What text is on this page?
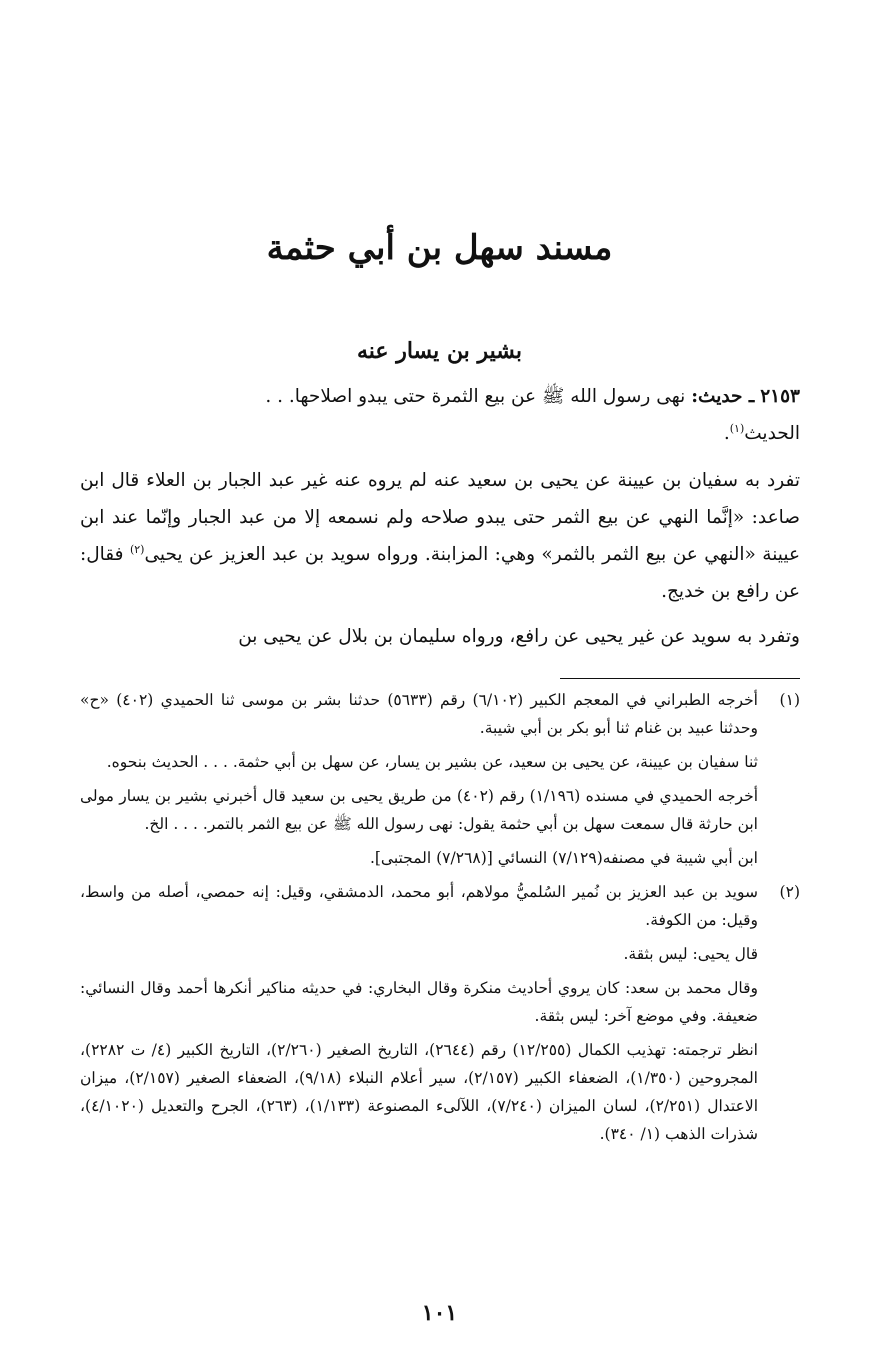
مسند سهل بن أبي حثمة
بشير بن يسار عنه

٢١٥٣ ـ حديث: نهى رسول الله ﷺ عن بيع الثمرة حتى يبدو اصلاحها. . .

الحديث$^{(١)}$.

تفرد به سفيان بن عيينة عن يحيى بن سعيد عنه لم يروه عنه غير عبد الجبار بن العلاء قال ابن صاعد: «إنَّما النهي عن بيع الثمر حتى يبدو صلاحه ولم نسمعه إلا من عبد الجبار وإنّما عند ابن عيينة «النهي عن بيع الثمر بالثمر» وهي: المزابنة. ورواه سويد بن عبد العزيز عن يحيى$^{(٢)}$ فقال: عن رافع بن خديج.

وتفرد به سويد عن غير يحيى عن رافع، ورواه سليمان بن بلال عن يحيى بن

(١)

أخرجه الطبراني في المعجم الكبير (٦/١٠٢) رقم (٥٦٣٣) حدثنا بشر بن موسى ثنا الحميدي (٤٠٢) «ح» وحدثنا عبيد بن غنام ثنا أبو بكر بن أبي شيبة.

ثنا سفيان بن عيينة، عن يحيى بن سعيد، عن بشير بن يسار، عن سهل بن أبي حثمة. . . . الحديث بنحوه.

أخرجه الحميدي في مسنده (١/١٩٦) رقم (٤٠٢) من طريق يحيى بن سعيد قال أخبرني بشير بن يسار مولى ابن حارثة قال سمعت سهل بن أبي حثمة يقول: نهى رسول الله ﷺ عن بيع الثمر بالتمر. . . . الخ.

ابن أبي شيبة في مصنفه(٧/١٢٩) النسائي [(٧/٢٦٨) المجتبى].

(٢)

سويد بن عبد العزيز بن نُمير السُلميُّ مولاهم، أبو محمد، الدمشقي، وقيل: إنه حمصي، أصله من واسط، وقيل: من الكوفة.

قال يحيى: ليس بثقة.

وقال محمد بن سعد: كان يروي أحاديث منكرة وقال البخاري: في حديثه مناكير أنكرها أحمد وقال النسائي: ضعيفة. وفي موضع آخر: ليس بثقة.

انظر ترجمته: تهذيب الكمال (١٢/٢٥٥) رقم (٢٦٤٤)، التاريخ الصغير (٢/٢٦٠)، التاريخ الكبير (٤/ ت ٢٢٨٢)، المجروحين (١/٣٥٠)، الضعفاء الكبير (٢/١٥٧)، سير أعلام النبلاء (٩/١٨)، الضعفاء الصغير (٢/١٥٧)، ميزان الاعتدال (٢/٢٥١)، لسان الميزان (٧/٢٤٠)، اللآلىء المصنوعة (١/١٣٣)، (٢٦٣)، الجرح والتعديل (٤/١٠٢٠)، شذرات الذهب (١/ ٣٤٠).

١٠١
